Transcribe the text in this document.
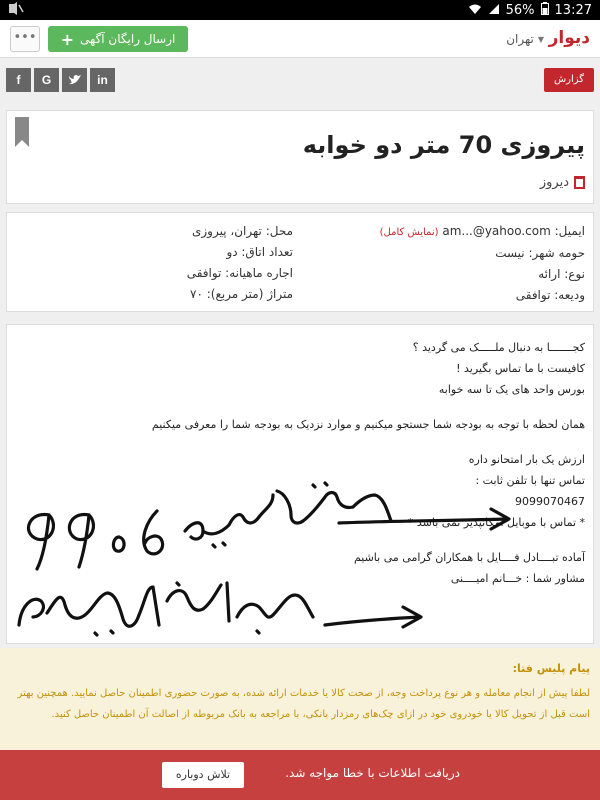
56% 13:27
دیوار
تهران ▼
+ ارسال رایگان آگهی
•••
in
G
f	گزارش
پیروزی 70 متر دو خوابه
دیروز
ایمیل: am...@yahoo.com (نمایش کامل)
حومه شهر: نیست
نوع: ارائه
ودیعه: توافقی
محل: تهران، پیروزی
تعداد اتاق: دو
اجاره ماهیانه: توافقی
متراژ (متر مربع): ۷۰

کجـــــــا به دنبال ملـــــک می گردید ؟

کافیست با ما تماس بگیرید !

بورس واحد های یک تا سه خوابه

همان لحظه با توجه به بودجه شما جستجو میکنیم و موارد نزدیک به بودجه شما را معرفی میکنیم

ارزش یک بار امتحانو داره

تماس تنها با تلفن ثابت :

9099070467

* تماس با موبایل امکانپذیر نمی باشد *

آماده تبــــادل فــــایل با همکاران گرامی می باشیم

مشاور شما : خـــانم امیــــنی

پیام پلیس فتا:
لطفا پیش از انجام معامله و هر نوع پرداخت وجه، از صحت کالا یا خدمات ارائه شده، به صورت حضوری اطمینان حاصل نمایید. همچنین بهتر است قبل از تحویل کالا یا خودروی خود در ازای چک‌های رمزدار بانکی، با مراجعه به بانک مربوطه از اصالت آن اطمینان حاصل کنید.
دریافت اطلاعات با خطا مواجه شد.
تلاش دوباره
